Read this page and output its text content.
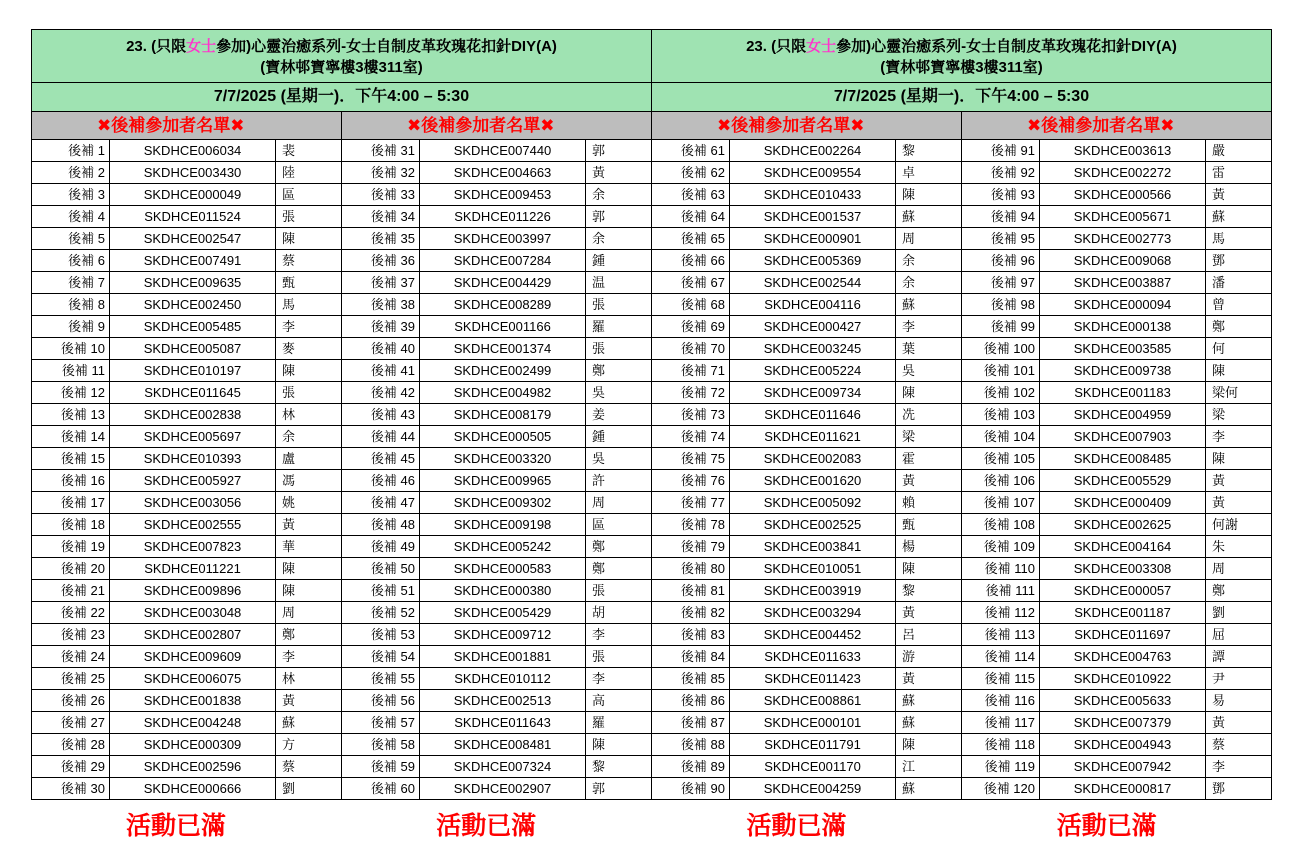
23. (只限女士參加)心靈治癒系列-女士自制皮革玫瑰花扣針DIY(A)
(寶林邨寶寧樓3樓311室)
23. (只限女士參加)心靈治癒系列-女士自制皮革玫瑰花扣針DIY(A)
(寶林邨寶寧樓3樓311室)
7/7/2025 (星期一)．下午4:00 – 5:30	7/7/2025 (星期一)．下午4:00 – 5:30
✖後補參加者名單✖	✖後補參加者名單✖	✖後補參加者名單✖	✖後補參加者名單✖
後補 1	SKDHCE006034	裴
後補 2	SKDHCE003430	陸
後補 3	SKDHCE000049	區
後補 4	SKDHCE011524	張
後補 5	SKDHCE002547	陳
後補 6	SKDHCE007491	蔡
後補 7	SKDHCE009635	甄
後補 8	SKDHCE002450	馬
後補 9	SKDHCE005485	李
後補 10	SKDHCE005087	麥
後補 11	SKDHCE010197	陳
後補 12	SKDHCE011645	張
後補 13	SKDHCE002838	林
後補 14	SKDHCE005697	余
後補 15	SKDHCE010393	盧
後補 16	SKDHCE005927	馮
後補 17	SKDHCE003056	姚
後補 18	SKDHCE002555	黃
後補 19	SKDHCE007823	華
後補 20	SKDHCE011221	陳
後補 21	SKDHCE009896	陳
後補 22	SKDHCE003048	周
後補 23	SKDHCE002807	鄭
後補 24	SKDHCE009609	李
後補 25	SKDHCE006075	林
後補 26	SKDHCE001838	黃
後補 27	SKDHCE004248	蘇
後補 28	SKDHCE000309	方
後補 29	SKDHCE002596	蔡
後補 30	SKDHCE000666	劉
後補 31	SKDHCE007440	郭
後補 32	SKDHCE004663	黃
後補 33	SKDHCE009453	余
後補 34	SKDHCE011226	郭
後補 35	SKDHCE003997	余
後補 36	SKDHCE007284	鍾
後補 37	SKDHCE004429	温
後補 38	SKDHCE008289	張
後補 39	SKDHCE001166	羅
後補 40	SKDHCE001374	張
後補 41	SKDHCE002499	鄭
後補 42	SKDHCE004982	吳
後補 43	SKDHCE008179	姜
後補 44	SKDHCE000505	鍾
後補 45	SKDHCE003320	吳
後補 46	SKDHCE009965	許
後補 47	SKDHCE009302	周
後補 48	SKDHCE009198	區
後補 49	SKDHCE005242	鄭
後補 50	SKDHCE000583	鄭
後補 51	SKDHCE000380	張
後補 52	SKDHCE005429	胡
後補 53	SKDHCE009712	李
後補 54	SKDHCE001881	張
後補 55	SKDHCE010112	李
後補 56	SKDHCE002513	高
後補 57	SKDHCE011643	羅
後補 58	SKDHCE008481	陳
後補 59	SKDHCE007324	黎
後補 60	SKDHCE002907	郭
後補 61	SKDHCE002264	黎
後補 62	SKDHCE009554	卓
後補 63	SKDHCE010433	陳
後補 64	SKDHCE001537	蘇
後補 65	SKDHCE000901	周
後補 66	SKDHCE005369	余
後補 67	SKDHCE002544	余
後補 68	SKDHCE004116	蘇
後補 69	SKDHCE000427	李
後補 70	SKDHCE003245	葉
後補 71	SKDHCE005224	吳
後補 72	SKDHCE009734	陳
後補 73	SKDHCE011646	冼
後補 74	SKDHCE011621	梁
後補 75	SKDHCE002083	霍
後補 76	SKDHCE001620	黃
後補 77	SKDHCE005092	賴
後補 78	SKDHCE002525	甄
後補 79	SKDHCE003841	楊
後補 80	SKDHCE010051	陳
後補 81	SKDHCE003919	黎
後補 82	SKDHCE003294	黃
後補 83	SKDHCE004452	呂
後補 84	SKDHCE011633	游
後補 85	SKDHCE011423	黃
後補 86	SKDHCE008861	蘇
後補 87	SKDHCE000101	蘇
後補 88	SKDHCE011791	陳
後補 89	SKDHCE001170	江
後補 90	SKDHCE004259	蘇
後補 91	SKDHCE003613	嚴
後補 92	SKDHCE002272	雷
後補 93	SKDHCE000566	黃
後補 94	SKDHCE005671	蘇
後補 95	SKDHCE002773	馬
後補 96	SKDHCE009068	鄧
後補 97	SKDHCE003887	潘
後補 98	SKDHCE000094	曾
後補 99	SKDHCE000138	鄭
後補 100	SKDHCE003585	何
後補 101	SKDHCE009738	陳
後補 102	SKDHCE001183	梁何
後補 103	SKDHCE004959	梁
後補 104	SKDHCE007903	李
後補 105	SKDHCE008485	陳
後補 106	SKDHCE005529	黃
後補 107	SKDHCE000409	黃
後補 108	SKDHCE002625	何謝
後補 109	SKDHCE004164	朱
後補 110	SKDHCE003308	周
後補 111	SKDHCE000057	鄭
後補 112	SKDHCE001187	劉
後補 113	SKDHCE011697	屈
後補 114	SKDHCE004763	譚
後補 115	SKDHCE010922	尹
後補 116	SKDHCE005633	易
後補 117	SKDHCE007379	黃
後補 118	SKDHCE004943	蔡
後補 119	SKDHCE007942	李
後補 120	SKDHCE000817	鄧
活動已滿	活動已滿	活動已滿	活動已滿
